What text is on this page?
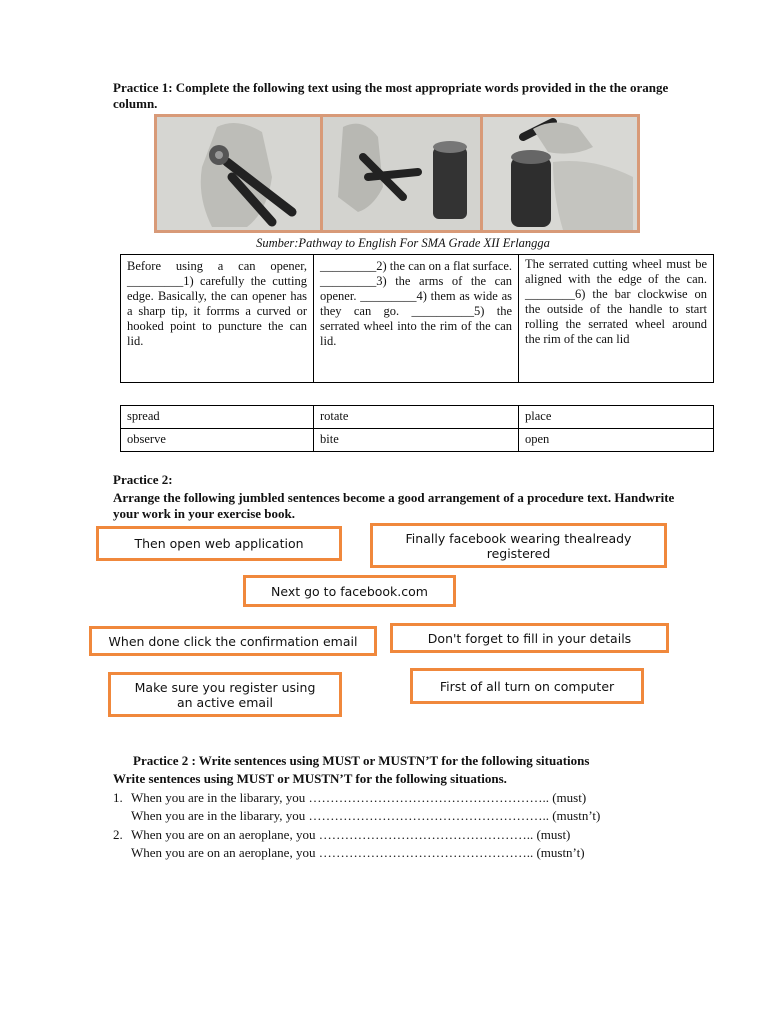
Practice 1: Complete the following text using the most appropriate words provided in the the orange column.
Sumber:Pathway to English For SMA Grade XII Erlangga
Before using a can opener, _________1) carefully the cutting edge. Basically, the can opener has a sharp tip, it forrms a curved or hooked point to puncture the can lid.	_________2) the can on a flat surface. _________3) the arms of the can opener. _________4) them as wide as they can go. __________5) the serrated wheel into the rim of the can lid.	The serrated cutting wheel must be aligned with the edge of the can. ________6) the bar clockwise on the outside of the handle to start rolling the serrated wheel around the rim of the can lid
spread	rotate	place
observe	bite	open
Practice 2:
Arrange the following jumbled sentences become a good arrangement of a procedure text. Handwrite your work in your exercise book.
Then open web application	Finally facebook wearing thealready registered
Next go to facebook.com
When done click the confirmation email	Don't forget to fill in your details
Make sure you register using an active email
First of all turn on computer
Practice 2 : Write sentences using MUST or MUSTN’T for the following situations
Write sentences using MUST or MUSTN’T for the following situations.
1. When you are in the libarary, you ……………………………………………….. (must)
When you are in the libarary, you ……………………………………………….. (mustn’t)
2. When you are on an aeroplane, you ………………………………………….. (must)
When you are on an aeroplane, you ………………………………………….. (mustn’t)
